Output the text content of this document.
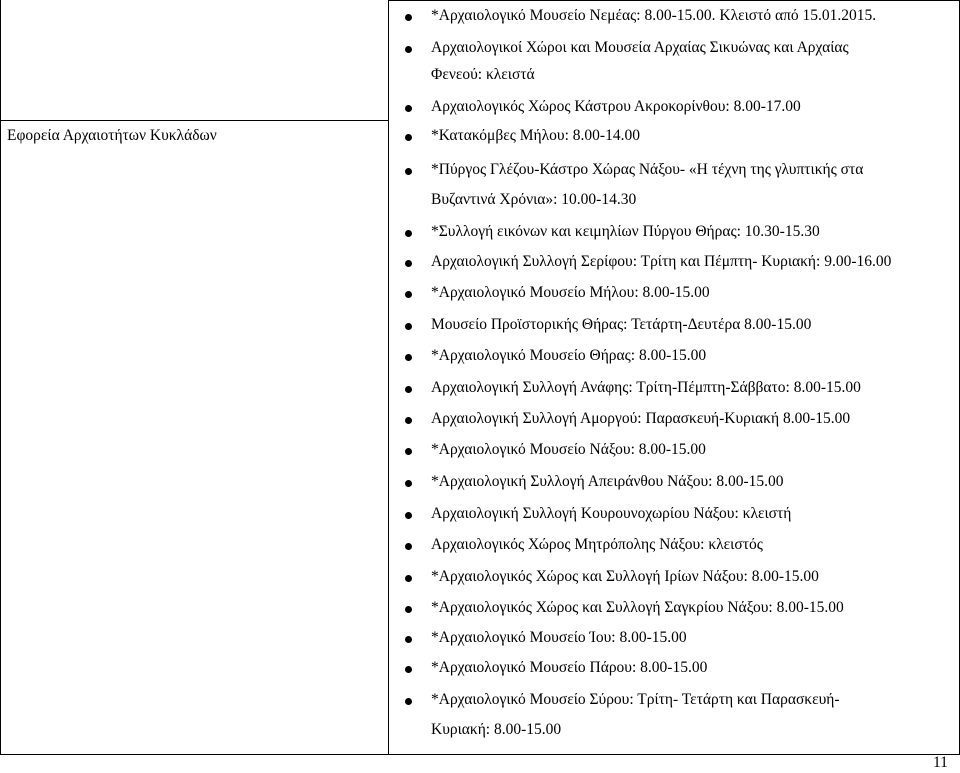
Εφορεία Αρχαιοτήτων Κυκλάδων
*Αρχαιολογικό Μουσείο Νεμέας: 8.00-15.00. Κλειστό από 15.01.2015.
Αρχαιολογικοί Χώροι και Μουσεία Αρχαίας Σικυώνας και Αρχαίας
Φενεού: κλειστά
Αρχαιολογικός Χώρος Κάστρου Ακροκορίνθου: 8.00-17.00
*Κατακόμβες Μήλου: 8.00-14.00
*Πύργος Γλέζου-Κάστρο Χώρας Νάξου- «Η τέχνη της γλυπτικής στα
Βυζαντινά Χρόνια»: 10.00-14.30
*Συλλογή εικόνων και κειμηλίων Πύργου Θήρας: 10.30-15.30
Αρχαιολογική Συλλογή Σερίφου: Τρίτη και Πέμπτη- Κυριακή: 9.00-16.00
*Αρχαιολογικό Μουσείο Μήλου: 8.00-15.00
Μουσείο Προϊστορικής Θήρας: Τετάρτη-Δευτέρα 8.00-15.00
*Αρχαιολογικό Μουσείο Θήρας: 8.00-15.00
Αρχαιολογική Συλλογή Ανάφης: Τρίτη-Πέμπτη-Σάββατο: 8.00-15.00
Αρχαιολογική Συλλογή Αμοργού: Παρασκευή-Κυριακή 8.00-15.00
*Αρχαιολογικό Μουσείο Νάξου: 8.00-15.00
*Αρχαιολογική Συλλογή Απειράνθου Νάξου: 8.00-15.00
Αρχαιολογική Συλλογή Κουρουνοχωρίου Νάξου: κλειστή
Αρχαιολογικός Χώρος Μητρόπολης Νάξου: κλειστός
*Αρχαιολογικός Χώρος και Συλλογή Ιρίων Νάξου: 8.00-15.00
*Αρχαιολογικός Χώρος και Συλλογή Σαγκρίου Νάξου: 8.00-15.00
*Αρχαιολογικό Μουσείο Ίου: 8.00-15.00
*Αρχαιολογικό Μουσείο Πάρου: 8.00-15.00
*Αρχαιολογικό Μουσείο Σύρου: Τρίτη- Τετάρτη και Παρασκευή-
Κυριακή: 8.00-15.00
11
